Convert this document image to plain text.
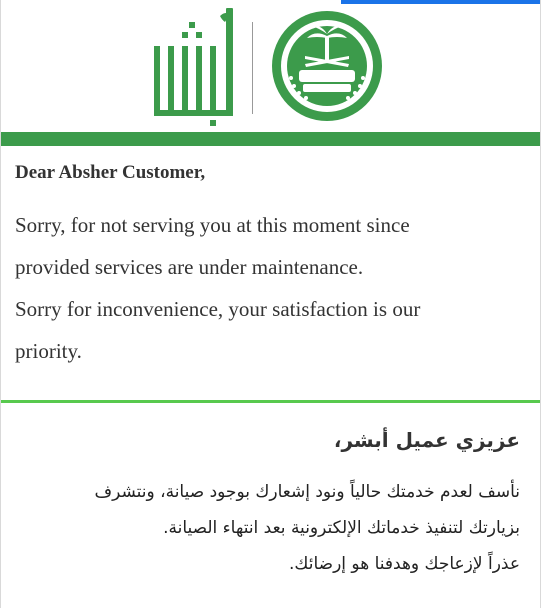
Dear Absher Customer,

Sorry, for not serving you at this moment since

provided services are under maintenance.

Sorry for inconvenience, your satisfaction is our

priority.

عزيزي عميل أبشر،

نأسف لعدم خدمتك حالياً ونود إشعارك بوجود صيانة، ونتشرف

بزيارتك لتنفيذ خدماتك الإلكترونية بعد انتهاء الصيانة.

عذراً لإزعاجك وهدفنا هو إرضائك.
